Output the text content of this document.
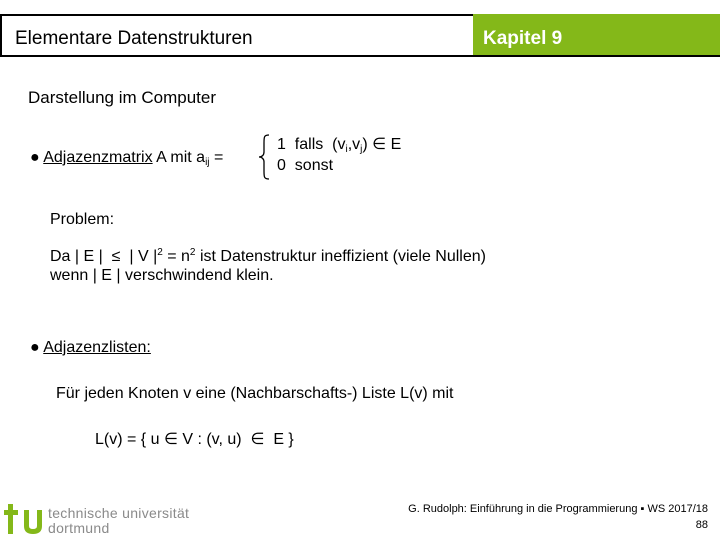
Elementare Datenstrukturen	Kapitel 9
Darstellung im Computer
● Adjazenzmatrix A mit $a_{ij}$ =
1 falls $(v_i,v_j)$ ∈ E
0 sonst
Problem:
Da | E | ≤ | V $|^2 = n^2$ ist Datenstruktur ineffizient (viele Nullen)
wenn | E | verschwindend klein.
● Adjazenzlisten:
Für jeden Knoten v eine (Nachbarschafts-) Liste L(v) mit
L(v) = { u ∈ V : (v, u) ∈ E }
technische universität
dortmund
G. Rudolph: Einführung in die Programmierung ▪ WS 2017/18
88
